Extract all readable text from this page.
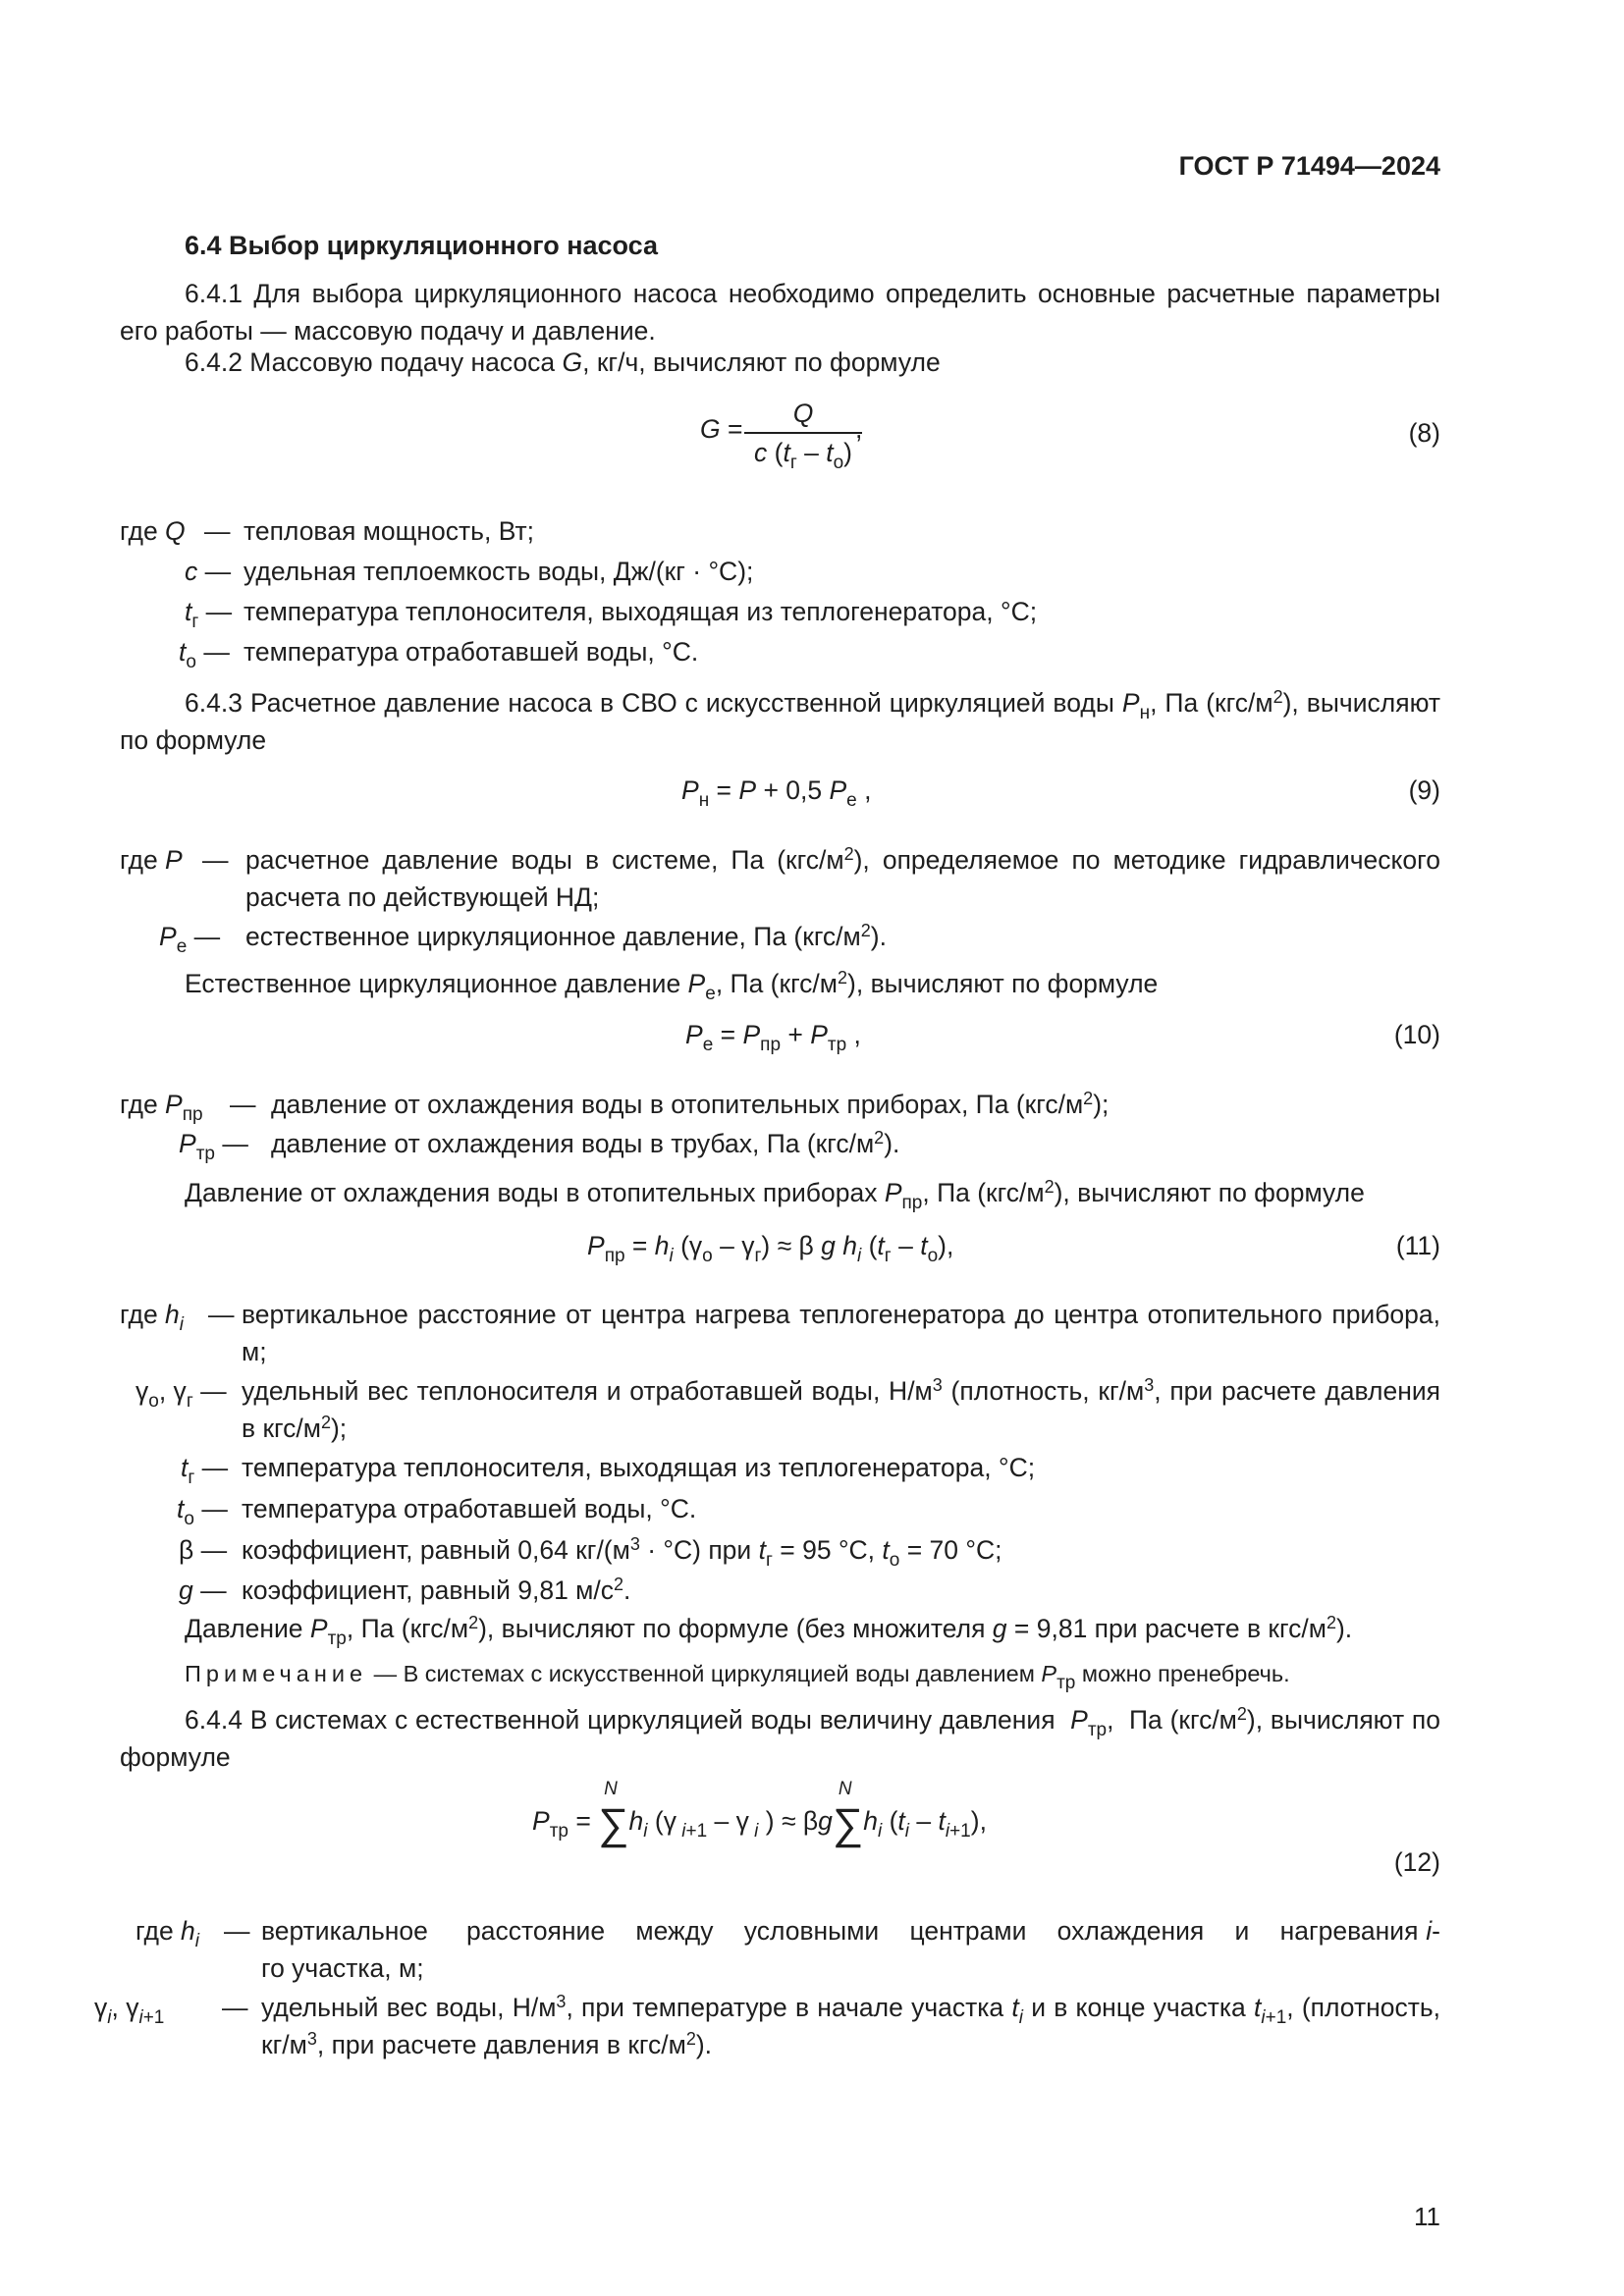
ГОСТ Р 71494—2024
6.4 Выбор циркуляционного насоса
6.4.1 Для выбора циркуляционного насоса необходимо определить основные расчетные параметры его работы — массовую подачу и давление.
6.4.2 Массовую подачу насоса G, кг/ч, вычисляют по формуле
G =
Q
c $(t_г - t_о)$
,	(8)
где Q — тепловая мощность, Вт;
c — удельная теплоемкость воды, Дж/(кг · °С);
$t_г$ — температура теплоносителя, выходящая из теплогенератора, °С;
$t_о$ — температура отработавшей воды, °С.
6.4.3 Расчетное давление насоса в СВО с искусственной циркуляцией воды $P_н$, Па $(кгс/м^2)$, вычисляют по формуле
$P_н = P + 0,5$ $P_е$ ,	(9)
где P — расчетное давление воды в системе, Па $(кгс/м^2)$, определяемое по методике гидравлического расчета по действующей НД;
$P_е$ — естественное циркуляционное давление, Па $(кгс/м^2)$.
Естественное циркуляционное давление $P_е$, Па $(кгс/м^2)$, вычисляют по формуле
$P_е = P_{пр} + P_{тр}$ ,	(10)
где $P_{пр}$ — давление от охлаждения воды в отопительных приборах, Па $(кгс/м^2)$;
$P_{тр}$ — давление от охлаждения воды в трубах, Па $(кгс/м^2)$.
Давление от охлаждения воды в отопительных приборах $P_{пр}$, Па $(кгс/м^2)$, вычисляют по формуле
$P_{пр} = h_i$ $(\gamma_о - \gamma_г) \approx \beta$ g $h_i$ $(t_г - t_о)$,	(11)
где $h_i$ — вертикальное расстояние от центра нагрева теплогенератора до центра отопительного прибора, м;
$\gamma_о$, $\gamma_г$ — удельный вес теплоносителя и отработавшей воды, $Н/м^3$ (плотность, $кг/м^3$, при расчете давления в кгс/$м^2$);
$t_г$ — температура теплоносителя, выходящая из теплогенератора, °С;
$t_о$ — температура отработавшей воды, °С.
β — коэффициент, равный 0,64 $кг/(м^3 \cdot ^\circ С)$ при $t_г = 95$ °С, $t_о = 70$ °С;
g — коэффициент, равный 9,81 $м/с^2$.
Давление $P_{тр}$, Па $(кгс/м^2)$, вычисляют по формуле (без множителя g = 9,81 при расчете в кгс/$м^2$).
Примечание — В системах с искусственной циркуляцией воды давлением $P_{тр}$ можно пренебречь.
6.4.4 В системах с естественной циркуляцией воды величину давления  $P_{тр}$,  Па $(кгс/м^2)$, вычисляют по формуле
$P_{тр}$ = ∑
N
$h_i$ (γ $_{i+1}$ – γ $_i$ ) ≈ βg∑
N
$h_i$ $(t_i - t_{i+1})$,
(12)
где $h_i$ — вертикальное     расстояние    между    условными    центрами    охлаждения    и    нагревания i-го участка, м;
$\gamma_i$, $\gamma_{i+1}$ — удельный вес воды, $Н/м^3$, при температуре в начале участка $t_i$ и в конце участка $t_{i+1}$, (плотность, $кг/м^3$, при расчете давления в кгс/$м^2$).
11
